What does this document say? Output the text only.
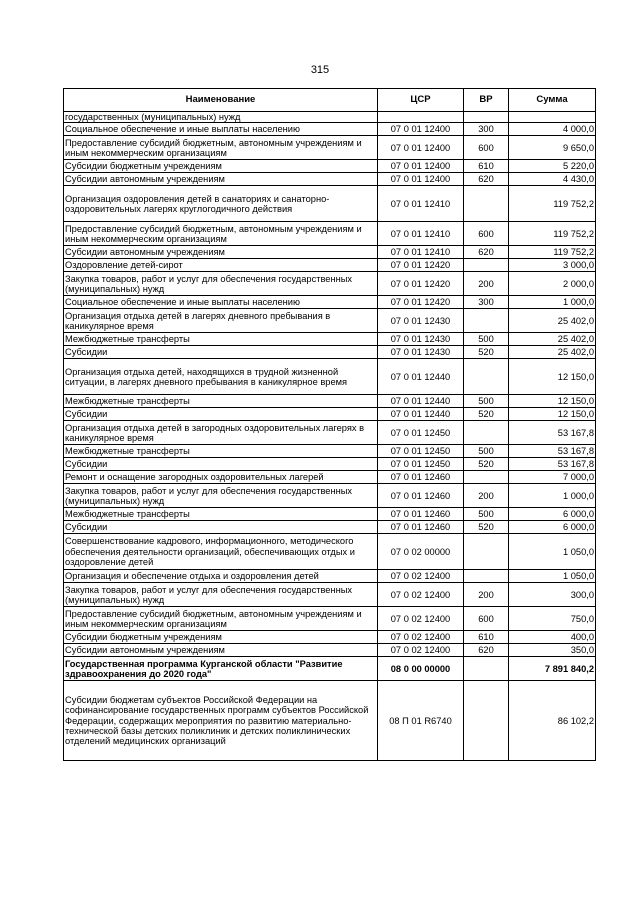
315
Наименование	ЦСР	ВР	Сумма
государственных (муниципальных) нужд			
Социальное обеспечение и иные выплаты населению	07 0 01 12400	300	4 000,0
Предоставление субсидий бюджетным, автономным учреждениям и иным некоммерческим организациям	07 0 01 12400	600	9 650,0
Субсидии бюджетным учреждениям	07 0 01 12400	610	5 220,0
Субсидии автономным учреждениям	07 0 01 12400	620	4 430,0
Организация оздоровления детей в санаториях и санаторно-оздоровительных лагерях круглогодичного действия	07 0 01 12410		119 752,2
Предоставление субсидий бюджетным, автономным учреждениям и иным некоммерческим организациям	07 0 01 12410	600	119 752,2
Субсидии автономным учреждениям	07 0 01 12410	620	119 752,2
Оздоровление детей-сирот	07 0 01 12420		3 000,0
Закупка товаров, работ и услуг для обеспечения государственных (муниципальных) нужд	07 0 01 12420	200	2 000,0
Социальное обеспечение и иные выплаты населению	07 0 01 12420	300	1 000,0
Организация отдыха детей в лагерях дневного пребывания в каникулярное время	07 0 01 12430		25 402,0
Межбюджетные трансферты	07 0 01 12430	500	25 402,0
Субсидии	07 0 01 12430	520	25 402,0
Организация отдыха детей, находящихся в трудной жизненной ситуации, в лагерях дневного пребывания в каникулярное время	07 0 01 12440		12 150,0
Межбюджетные трансферты	07 0 01 12440	500	12 150,0
Субсидии	07 0 01 12440	520	12 150,0
Организация отдыха детей в загородных оздоровительных лагерях в каникулярное время	07 0 01 12450		53 167,8
Межбюджетные трансферты	07 0 01 12450	500	53 167,8
Субсидии	07 0 01 12450	520	53 167,8
Ремонт и оснащение загородных оздоровительных лагерей	07 0 01 12460		7 000,0
Закупка товаров, работ и услуг для обеспечения государственных (муниципальных) нужд	07 0 01 12460	200	1 000,0
Межбюджетные трансферты	07 0 01 12460	500	6 000,0
Субсидии	07 0 01 12460	520	6 000,0
Совершенствование кадрового, информационного, методического обеспечения деятельности организаций, обеспечивающих отдых и оздоровление детей	07 0 02 00000		1 050,0
Организация и обеспечение отдыха и оздоровления детей	07 0 02 12400		1 050,0
Закупка товаров, работ и услуг для обеспечения государственных (муниципальных) нужд	07 0 02 12400	200	300,0
Предоставление субсидий бюджетным, автономным учреждениям и иным некоммерческим организациям	07 0 02 12400	600	750,0
Субсидии бюджетным учреждениям	07 0 02 12400	610	400,0
Субсидии автономным учреждениям	07 0 02 12400	620	350,0
Государственная программа Курганской области "Развитие здравоохранения до 2020 года"	08 0 00 00000		7 891 840,2
Субсидии бюджетам субъектов Российской Федерации на софинансирование государственных программ субъектов Российской Федерации, содержащих мероприятия по развитию материально-технической базы детских поликлиник и детских поликлинических отделений медицинских организаций	08 П 01 R6740		86 102,2
